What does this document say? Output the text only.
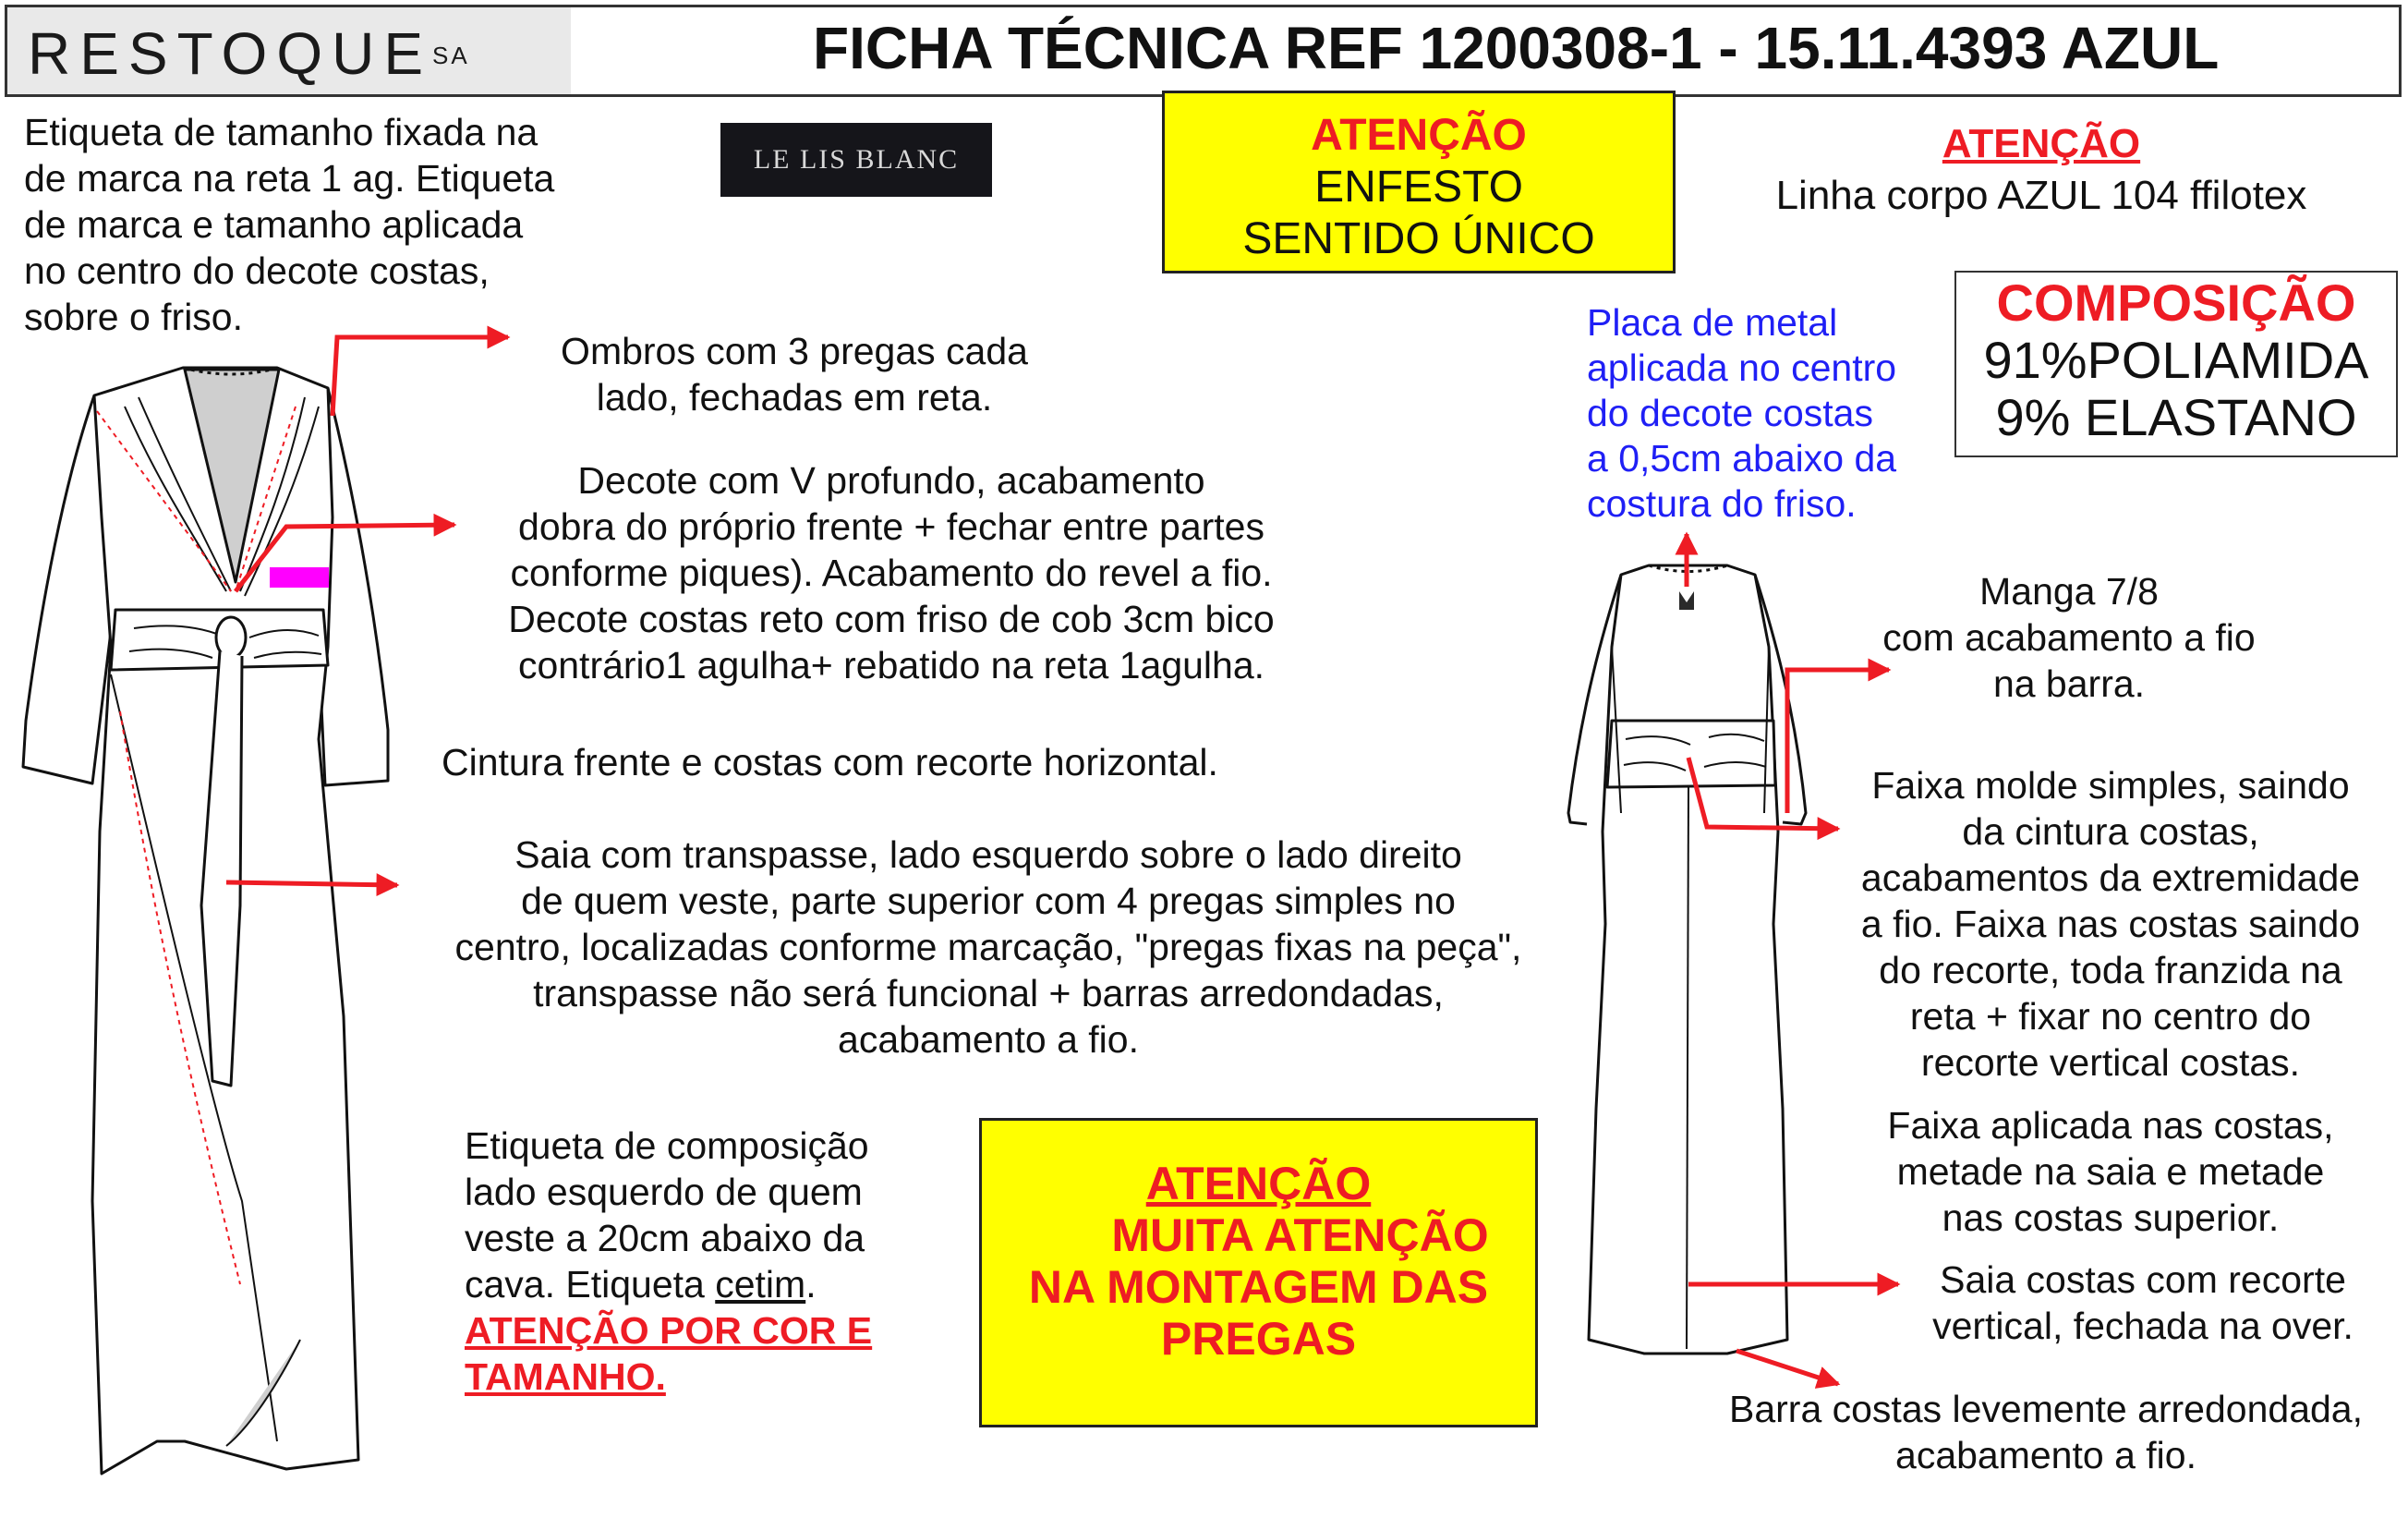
$RESTOQUE^{SA}$	FICHA TÉCNICA REF 1200308-1 - 15.11.4393 AZUL
LE LIS BLANC
Etiqueta de tamanho fixada na
de marca na reta 1 ag. Etiqueta
de marca e tamanho aplicada
no centro do decote costas,
sobre o friso.
ATENÇÃO
ENFESTO
SENTIDO ÚNICO
ATENÇÃO
Linha corpo AZUL 104 ffilotex
COMPOSIÇÃO
91%POLIAMIDA
9% ELASTANO
Ombros com 3 pregas cada
lado, fechadas em reta.
Decote com V profundo, acabamento
dobra do próprio frente + fechar entre partes
conforme piques). Acabamento do revel a fio.
Decote costas reto com friso de cob 3cm bico
contrário1 agulha+ rebatido na reta 1agulha.
Cintura frente e costas com recorte horizontal.
Saia com transpasse, lado esquerdo sobre o lado direito
de quem veste, parte superior com 4 pregas simples no
centro, localizadas conforme marcação, "pregas fixas na peça",
transpasse não será funcional + barras arredondadas,
acabamento a fio.
Etiqueta de composição
lado esquerdo de quem
veste a 20cm abaixo da
cava. Etiqueta cetim.
ATENÇÃO POR COR E
TAMANHO.
ATENÇÃO
MUITA ATENÇÃO
NA MONTAGEM DAS
PREGAS
Placa de metal
aplicada no centro
do decote costas
a 0,5cm abaixo da
costura do friso.
Manga 7/8
com acabamento a fio
na barra.
Faixa molde simples, saindo
da cintura costas,
acabamentos da extremidade
a fio. Faixa nas costas saindo
do recorte, toda franzida na
reta + fixar no centro do
recorte vertical costas.
Faixa aplicada nas costas,
metade na saia e metade
nas costas superior.
Saia costas com recorte
vertical, fechada na over.
Barra costas levemente arredondada,
acabamento a fio.
